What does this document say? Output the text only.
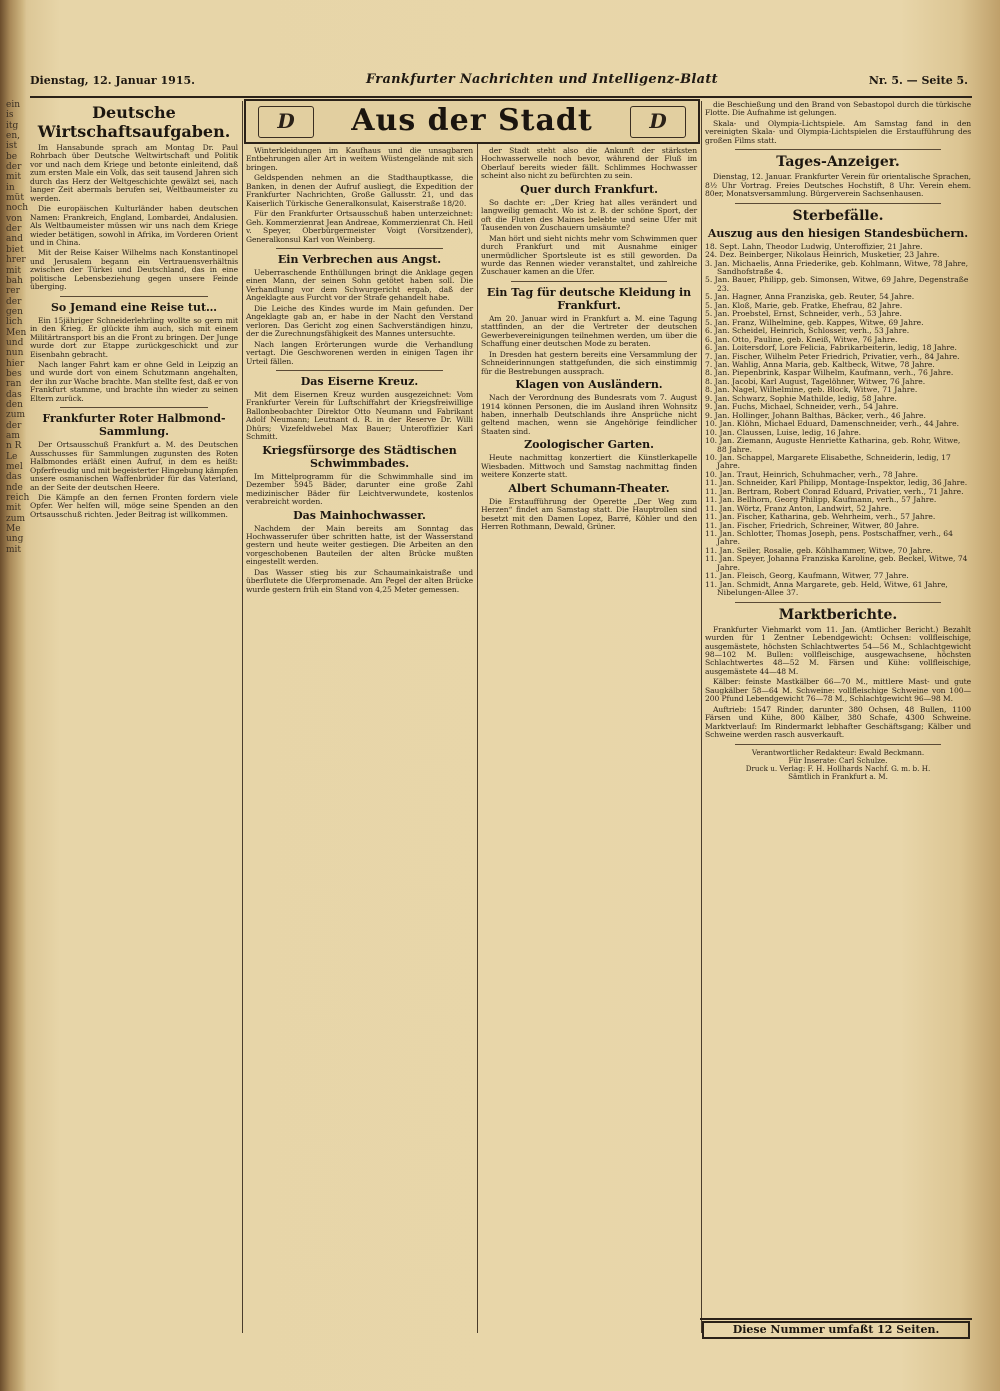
ein
is
itg
en,
ist
be
der
mit
in
müt
noch
von
der
and
biet
hrer
mit
bah
rer
der
gen
lich
Men
und
nun
hier
bes
ran
das
den
zum
der
am
n R
Le
mel
das
nde
reich
mit
zum
Me
ung
mit
Dienstag, 12. Januar 1915.	Frankfurter Nachrichten und Intelligenz-Blatt	Nr. 5. — Seite 5.
Deutsche Wirtschaftsaufgaben.

Im Hansabunde sprach am Montag Dr. Paul Rohrbach über Deutsche Weltwirtschaft und Politik vor und nach dem Kriege und betonte einleitend, daß zum ersten Male ein Volk, das seit tausend Jahren sich durch das Herz der Weltgeschichte gewälzt sei, nach langer Zeit abermals berufen sei, Weltbaumeister zu werden.

Die europäischen Kulturländer haben deutschen Namen: Frankreich, England, Lombardei, Andalusien. Als Weltbaumeister müssen wir uns nach dem Kriege wieder betätigen, sowohl in Afrika, im Vorderen Orient und in China.

Mit der Reise Kaiser Wilhelms nach Konstantinopel und Jerusalem begann ein Vertrauensverhältnis zwischen der Türkei und Deutschland, das in eine politische Lebensbeziehung gegen unsere Feinde überging.

So Jemand eine Reise tut…

Ein 15jähriger Schneiderlehrling wollte so gern mit in den Krieg. Er glückte ihm auch, sich mit einem Militärtransport bis an die Front zu bringen. Der Junge wurde dort zur Etappe zurückgeschickt und zur Eisenbahn gebracht.

Nach langer Fahrt kam er ohne Geld in Leipzig an und wurde dort von einem Schutzmann angehalten, der ihn zur Wache brachte. Man stellte fest, daß er von Frankfurt stamme, und brachte ihn wieder zu seinen Eltern zurück.

Frankfurter Roter Halbmond-Sammlung.

Der Ortsausschuß Frankfurt a. M. des Deutschen Ausschusses für Sammlungen zugunsten des Roten Halbmondes erläßt einen Aufruf, in dem es heißt: Opferfreudig und mit begeisterter Hingebung kämpfen unsere osmanischen Waffenbrüder für das Vaterland, an der Seite der deutschen Heere.

Die Kämpfe an den fernen Fronten fordern viele Opfer. Wer helfen will, möge seine Spenden an den Ortsausschuß richten. Jeder Beitrag ist willkommen.

D	Aus der Stadt	D

Winterkleidungen im Kaufhaus und die unsagbaren Entbehrungen aller Art in weitem Wüstengelände mit sich bringen.

Geldspenden nehmen an die Stadthauptkasse, die Banken, in denen der Aufruf ausliegt, die Expedition der Frankfurter Nachrichten, Große Gallusstr. 21, und das Kaiserlich Türkische Generalkonsulat, Kaiserstraße 18/20.

Für den Frankfurter Ortsausschuß haben unterzeichnet: Geh. Kommerzienrat Jean Andreae, Kommerzienrat Ch. Heil v. Speyer, Oberbürgermeister Voigt (Vorsitzender), Generalkonsul Karl von Weinberg.

Ein Verbrechen aus Angst.

Ueberraschende Enthüllungen bringt die Anklage gegen einen Mann, der seinen Sohn getötet haben soll. Die Verhandlung vor dem Schwurgericht ergab, daß der Angeklagte aus Furcht vor der Strafe gehandelt habe.

Die Leiche des Kindes wurde im Main gefunden. Der Angeklagte gab an, er habe in der Nacht den Verstand verloren. Das Gericht zog einen Sachverständigen hinzu, der die Zurechnungsfähigkeit des Mannes untersuchte.

Nach langen Erörterungen wurde die Verhandlung vertagt. Die Geschworenen werden in einigen Tagen ihr Urteil fällen.

Das Eiserne Kreuz.

Mit dem Eisernen Kreuz wurden ausgezeichnet: Vom Frankfurter Verein für Luftschiffahrt der Kriegsfreiwillige Ballonbeobachter Direktor Otto Neumann und Fabrikant Adolf Neumann; Leutnant d. R. in der Reserve Dr. Willi Dhürs; Vizefeldwebel Max Bauer; Unteroffizier Karl Schmitt.

Kriegsfürsorge des Städtischen Schwimmbades.

Im Mittelprogramm für die Schwimmhalle sind im Dezember 5945 Bäder, darunter eine große Zahl medizinischer Bäder für Leichtverwundete, kostenlos verabreicht worden.

Das Mainhochwasser.

Nachdem der Main bereits am Sonntag das Hochwasserufer über schritten hatte, ist der Wasserstand gestern und heute weiter gestiegen. Die Arbeiten an den vorgeschobenen Bauteilen der alten Brücke mußten eingestellt werden.

Das Wasser stieg bis zur Schaumainkaistraße und überflutete die Uferpromenade. Am Pegel der alten Brücke wurde gestern früh ein Stand von 4,25 Meter gemessen.

der Stadt steht also die Ankunft der stärksten Hochwasserwelle noch bevor, während der Fluß im Oberlauf bereits wieder fällt. Schlimmes Hochwasser scheint also nicht zu befürchten zu sein.

Quer durch Frankfurt.

So dachte er: „Der Krieg hat alles verändert und langweilig gemacht. Wo ist z. B. der schöne Sport, der oft die Fluten des Maines belebte und seine Ufer mit Tausenden von Zuschauern umsäumte?

Man hört und sieht nichts mehr vom Schwimmen quer durch Frankfurt und mit Ausnahme einiger unermüdlicher Sportsleute ist es still geworden. Da wurde das Rennen wieder veranstaltet, und zahlreiche Zuschauer kamen an die Ufer.

Ein Tag für deutsche Kleidung in Frankfurt.

Am 20. Januar wird in Frankfurt a. M. eine Tagung stattfinden, an der die Vertreter der deutschen Gewerbevereinigungen teilnehmen werden, um über die Schaffung einer deutschen Mode zu beraten.

In Dresden hat gestern bereits eine Versammlung der Schneiderinnungen stattgefunden, die sich einstimmig für die Bestrebungen aussprach.

Klagen von Ausländern.

Nach der Verordnung des Bundesrats vom 7. August 1914 können Personen, die im Ausland ihren Wohnsitz haben, innerhalb Deutschlands ihre Ansprüche nicht geltend machen, wenn sie Angehörige feindlicher Staaten sind.

Zoologischer Garten.

Heute nachmittag konzertiert die Künstlerkapelle Wiesbaden. Mittwoch und Samstag nachmittag finden weitere Konzerte statt.

Albert Schumann-Theater.

Die Erstaufführung der Operette „Der Weg zum Herzen“ findet am Samstag statt. Die Hauptrollen sind besetzt mit den Damen Lopez, Barré, Köhler und den Herren Rothmann, Dewald, Grüner.

die Beschießung und den Brand von Sebastopol durch die türkische Flotte. Die Aufnahme ist gelungen.

Skala- und Olympia-Lichtspiele. Am Samstag fand in den vereinigten Skala- und Olympia-Lichtspielen die Erstaufführung des großen Films statt.

Tages-Anzeiger.

Dienstag, 12. Januar. Frankfurter Verein für orientalische Sprachen, 8½ Uhr Vortrag. Freies Deutsches Hochstift, 8 Uhr. Verein ehem. 80er, Monatsversammlung. Bürgerverein Sachsenhausen.

Sterbefälle.
Auszug aus den hiesigen Standesbüchern.

18. Sept. Lahn, Theodor Ludwig, Unteroffizier, 21 Jahre.

24. Dez. Beinberger, Nikolaus Heinrich, Musketier, 23 Jahre.

3. Jan. Michaelis, Anna Friederike, geb. Kohlmann, Witwe, 78 Jahre, Sandhofstraße 4.

5. Jan. Bauer, Philipp, geb. Simonsen, Witwe, 69 Jahre, Degenstraße 23.

5. Jan. Hagner, Anna Franziska, geb. Reuter, 54 Jahre.

5. Jan. Kloß, Marie, geb. Fratke, Ehefrau, 82 Jahre.

5. Jan. Proebstel, Ernst, Schneider, verh., 53 Jahre.

5. Jan. Franz, Wilhelmine, geb. Kappes, Witwe, 69 Jahre.

6. Jan. Scheidel, Heinrich, Schlosser, verh., 53 Jahre.

6. Jan. Otto, Pauline, geb. Kneiß, Witwe, 76 Jahre.

6. Jan. Loitersdorf, Lore Felicia, Fabrikarbeiterin, ledig, 18 Jahre.

7. Jan. Fischer, Wilhelm Peter Friedrich, Privatier, verh., 84 Jahre.

7. Jan. Wahlig, Anna Maria, geb. Kaltbeck, Witwe, 78 Jahre.

8. Jan. Piepenbrink, Kaspar Wilhelm, Kaufmann, verh., 76 Jahre.

8. Jan. Jacobi, Karl August, Tagelöhner, Witwer, 76 Jahre.

8. Jan. Nagel, Wilhelmine, geb. Block, Witwe, 71 Jahre.

9. Jan. Schwarz, Sophie Mathilde, ledig, 58 Jahre.

9. Jan. Fuchs, Michael, Schneider, verh., 54 Jahre.

9. Jan. Hollinger, Johann Balthas, Bäcker, verh., 46 Jahre.

10. Jan. Klöhn, Michael Eduard, Damenschneider, verh., 44 Jahre.

10. Jan. Claussen, Luise, ledig, 16 Jahre.

10. Jan. Ziemann, Auguste Henriette Katharina, geb. Rohr, Witwe, 88 Jahre.

10. Jan. Schappel, Margarete Elisabethe, Schneiderin, ledig, 17 Jahre.

10. Jan. Traut, Heinrich, Schuhmacher, verh., 78 Jahre.

11. Jan. Schneider, Karl Philipp, Montage-Inspektor, ledig, 36 Jahre.

11. Jan. Bertram, Robert Conrad Eduard, Privatier, verh., 71 Jahre.

11. Jan. Bellhorn, Georg Philipp, Kaufmann, verh., 57 Jahre.

11. Jan. Wörtz, Franz Anton, Landwirt, 52 Jahre.

11. Jan. Fischer, Katharina, geb. Wehrheim, verh., 57 Jahre.

11. Jan. Fischer, Friedrich, Schreiner, Witwer, 80 Jahre.

11. Jan. Schlotter, Thomas Joseph, pens. Postschaffner, verh., 64 Jahre.

11. Jan. Seiler, Rosalie, geb. Köhlhammer, Witwe, 70 Jahre.

11. Jan. Speyer, Johanna Franziska Karoline, geb. Beckel, Witwe, 74 Jahre.

11. Jan. Fleisch, Georg, Kaufmann, Witwer, 77 Jahre.

11. Jan. Schmidt, Anna Margarete, geb. Held, Witwe, 61 Jahre, Nibelungen-Allee 37.

Marktberichte.

Frankfurter Viehmarkt vom 11. Jan. (Amtlicher Bericht.) Bezahlt wurden für 1 Zentner Lebendgewicht: Ochsen: vollfleischige, ausgemästete, höchsten Schlachtwertes 54—56 M., Schlachtgewicht 98—102 M. Bullen: vollfleischige, ausgewachsene, höchsten Schlachtwertes 48—52 M. Färsen und Kühe: vollfleischige, ausgemästete 44—48 M.

Kälber: feinste Mastkälber 66—70 M., mittlere Mast- und gute Saugkälber 58—64 M. Schweine: vollfleischige Schweine von 100—200 Pfund Lebendgewicht 76—78 M., Schlachtgewicht 96—98 M.

Auftrieb: 1547 Rinder, darunter 380 Ochsen, 48 Bullen, 1100 Färsen und Kühe, 800 Kälber, 380 Schafe, 4300 Schweine. Marktverlauf: Im Rindermarkt lebhafter Geschäftsgang; Kälber und Schweine werden rasch ausverkauft.

Verantwortlicher Redakteur: Ewald Beckmann.

Für Inserate: Carl Schulze.

Druck u. Verlag: F. H. Hollhards Nachf. G. m. b. H.

Sämtlich in Frankfurt a. M.

Diese Nummer umfaßt 12 Seiten.
